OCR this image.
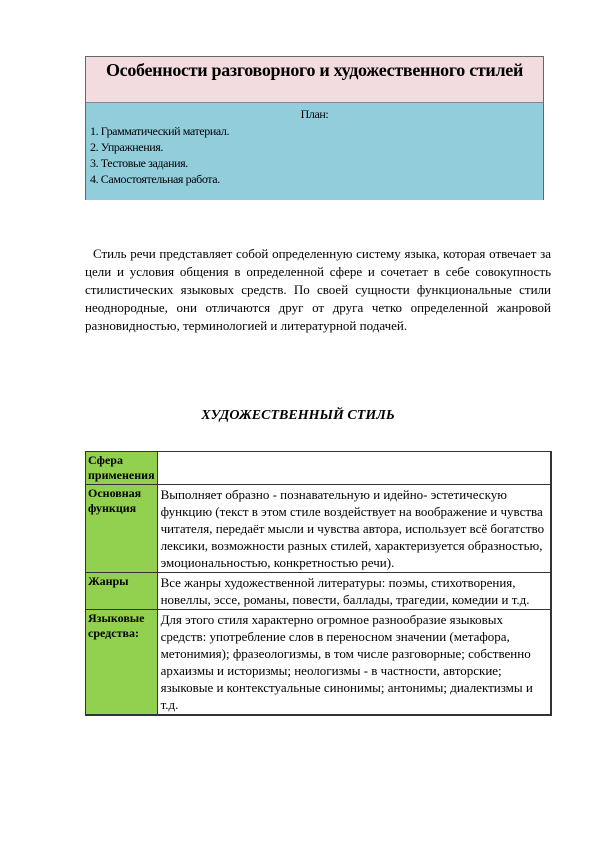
Особенности разговорного и художественного стилей
План:
1. Грамматический материал.
2. Упражнения.
3. Тестовые задания.
4. Самостоятельная работа.

Стиль речи представляет собой определенную систему языка, которая отвечает за цели и условия общения в определенной сфере и сочетает в себе совокупность стилистических языковых средств. По своей сущности функциональные стили неоднородные, они отличаются друг от друга четко определенной жанровой разновидностью, терминологией и литературной подачей.

ХУДОЖЕСТВЕННЫЙ СТИЛЬ
Сфера применения	
Основная функция	Выполняет образно - познавательную и идейно- эстетическую функцию (текст в этом стиле воздействует на воображение и чувства читателя, передаёт мысли и чувства автора, использует всё богатство лексики, возможности разных стилей, характеризуется образностью, эмоциональностью, конкретностью речи).
Жанры	Все жанры художественной литературы: поэмы, стихотворения, новеллы, эссе, романы, повести, баллады, трагедии, комедии и т.д.
Языковые средства:	Для этого стиля характерно огромное разнообразие языковых средств: употребление слов в переносном значении (метафора, метонимия); фразеологизмы, в том числе разговорные; собственно архаизмы и историзмы; неологизмы - в частности, авторские; языковые и контекстуальные синонимы; антонимы; диалектизмы и т.д.
